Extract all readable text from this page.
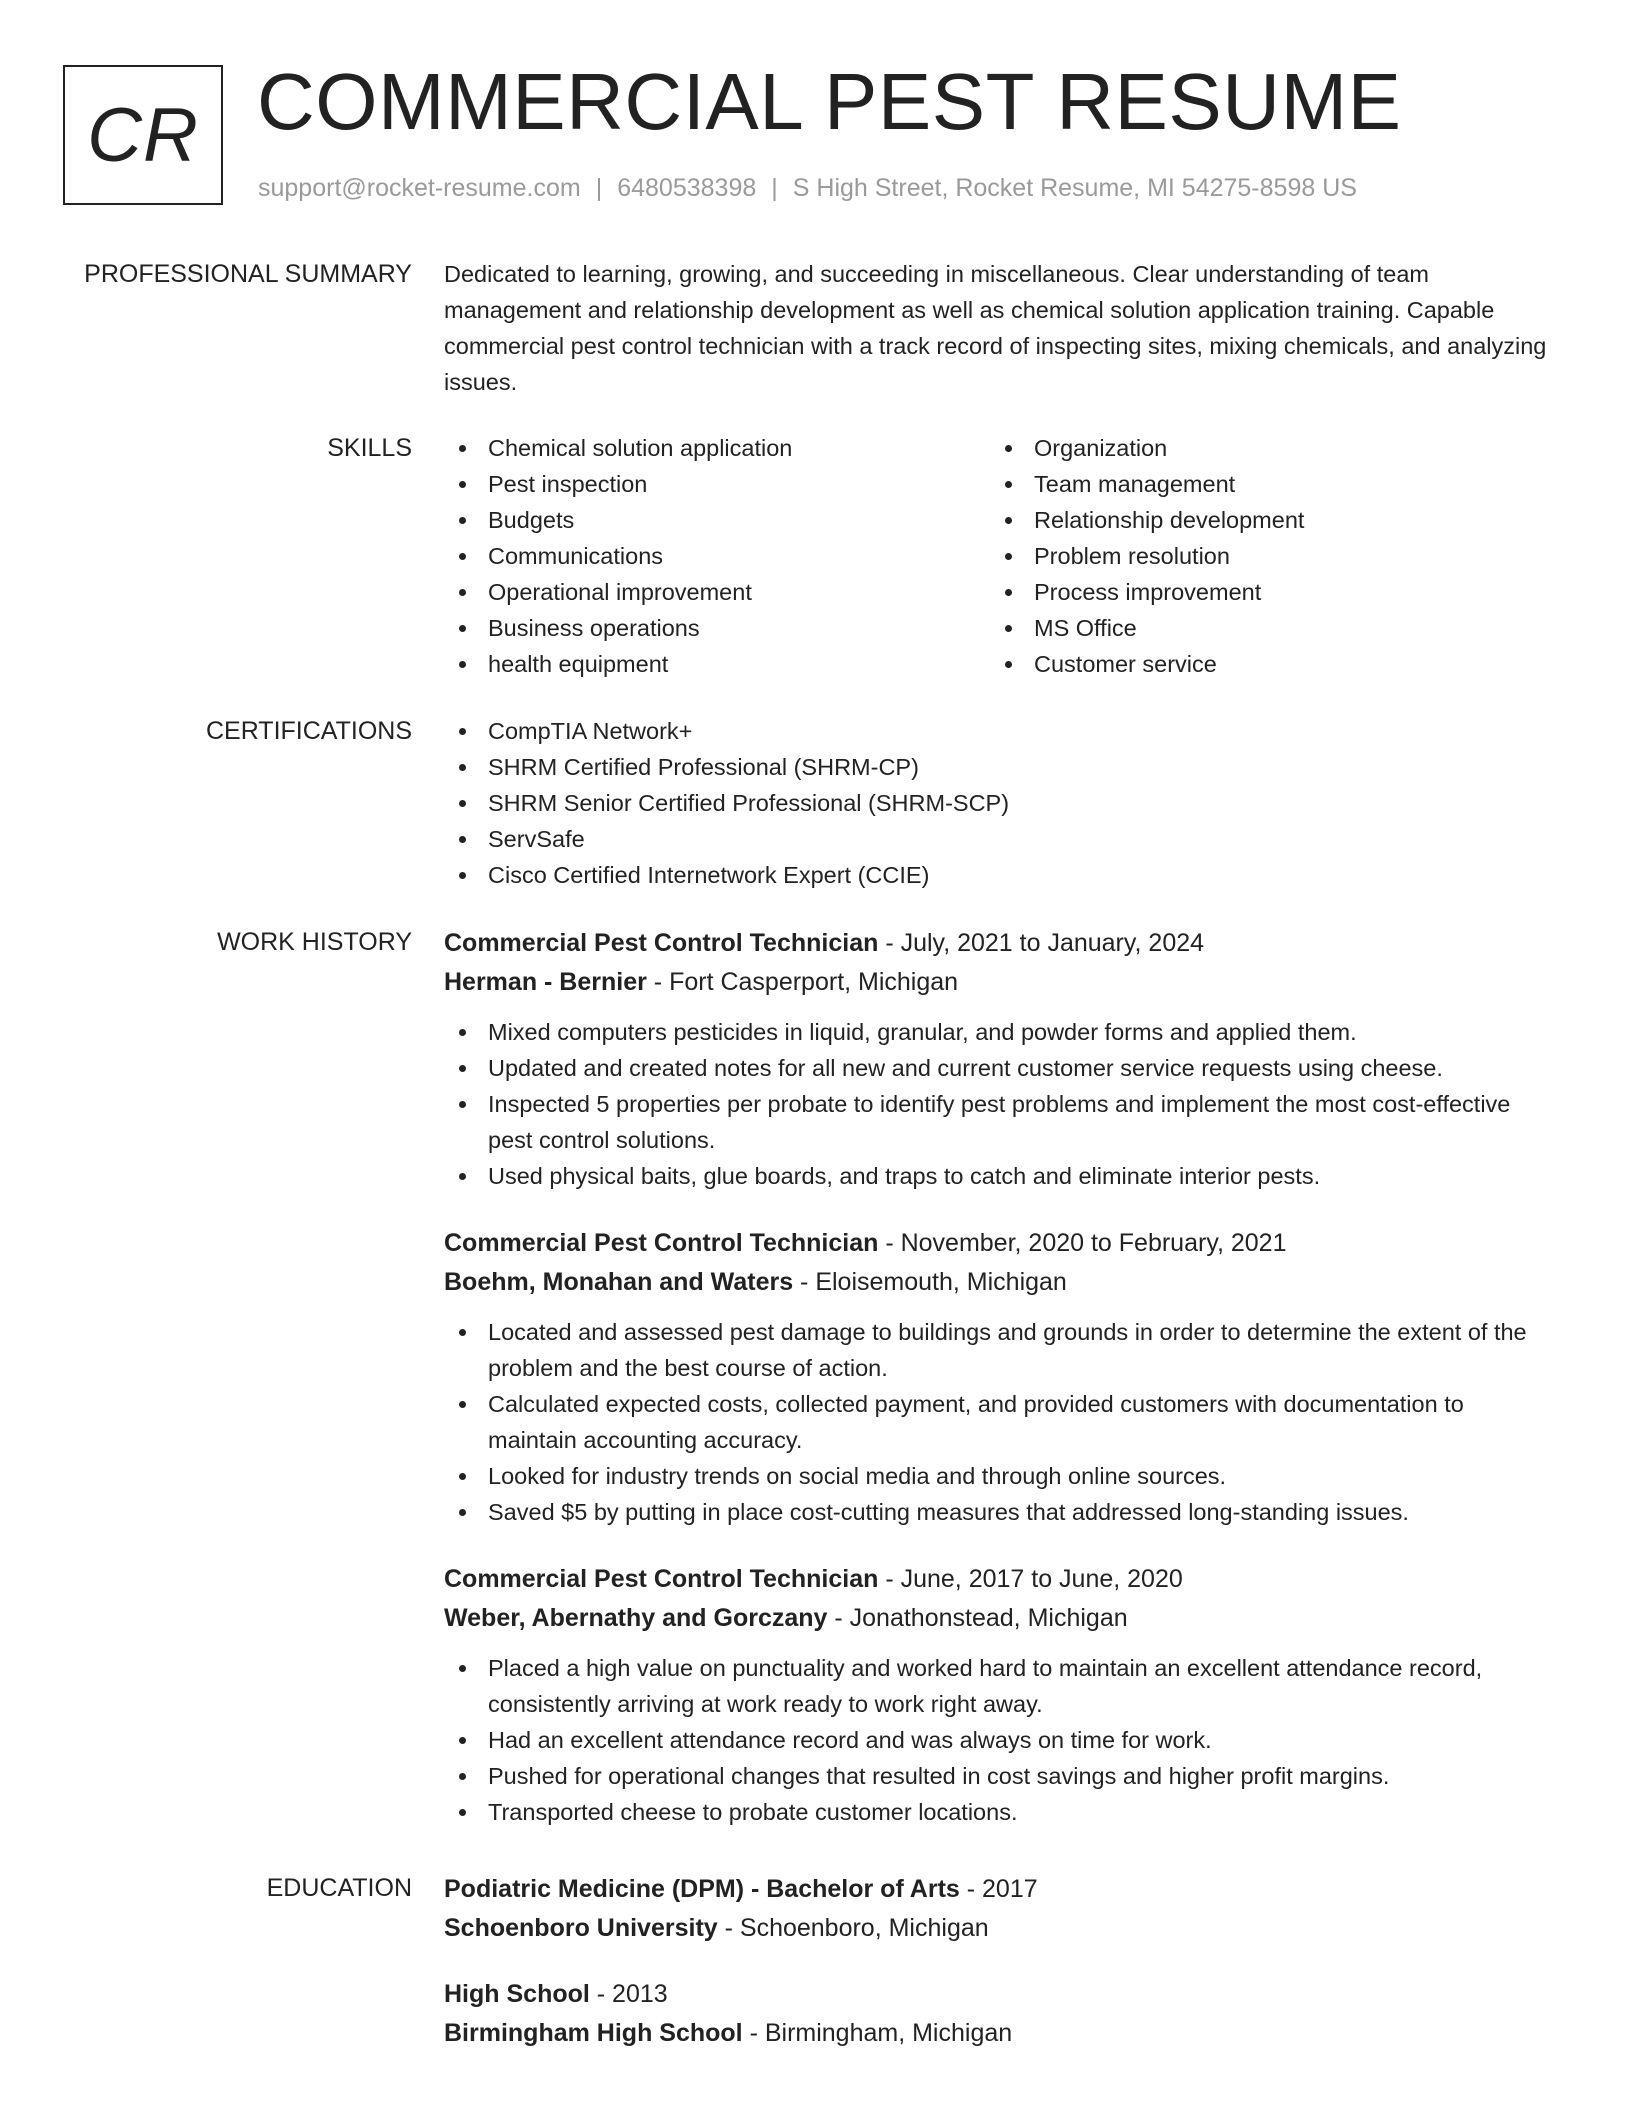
CR COMMERCIAL PEST RESUME
support@rocket-resume.com | 6480538398 | S High Street, Rocket Resume, MI 54275-8598 US
PROFESSIONAL SUMMARY Dedicated to learning, growing, and succeeding in miscellaneous. Clear understanding of team management and relationship development as well as chemical solution application training. Capable commercial pest control technician with a track record of inspecting sites, mixing chemicals, and analyzing issues.

SKILLS	Chemical solution application
Pest inspection
Budgets
Communications
Operational improvement
Business operations
health equipment
Organization
Team management
Relationship development
Problem resolution
Process improvement
MS Office
Customer service
CERTIFICATIONS	CompTIA Network+
SHRM Certified Professional (SHRM-CP)
SHRM Senior Certified Professional (SHRM-SCP)
ServSafe
Cisco Certified Internetwork Expert (CCIE)
WORK HISTORY Commercial Pest Control Technician - July, 2021 to January, 2024
Herman - Bernier - Fort Casperport, Michigan
Mixed computers pesticides in liquid, granular, and powder forms and applied them.
Updated and created notes for all new and current customer service requests using cheese.
Inspected 5 properties per probate to identify pest problems and implement the most cost-effective pest control solutions.
Used physical baits, glue boards, and traps to catch and eliminate interior pests.
Commercial Pest Control Technician - November, 2020 to February, 2021
Boehm, Monahan and Waters - Eloisemouth, Michigan
Located and assessed pest damage to buildings and grounds in order to determine the extent of the problem and the best course of action.
Calculated expected costs, collected payment, and provided customers with documentation to maintain accounting accuracy.
Looked for industry trends on social media and through online sources.
Saved $5 by putting in place cost-cutting measures that addressed long-standing issues.
Commercial Pest Control Technician - June, 2017 to June, 2020
Weber, Abernathy and Gorczany - Jonathonstead, Michigan
Placed a high value on punctuality and worked hard to maintain an excellent attendance record, consistently arriving at work ready to work right away.
Had an excellent attendance record and was always on time for work.
Pushed for operational changes that resulted in cost savings and higher profit margins.
Transported cheese to probate customer locations.
EDUCATION Podiatric Medicine (DPM) - Bachelor of Arts - 2017
Schoenboro University - Schoenboro, Michigan
High School - 2013
Birmingham High School - Birmingham, Michigan
